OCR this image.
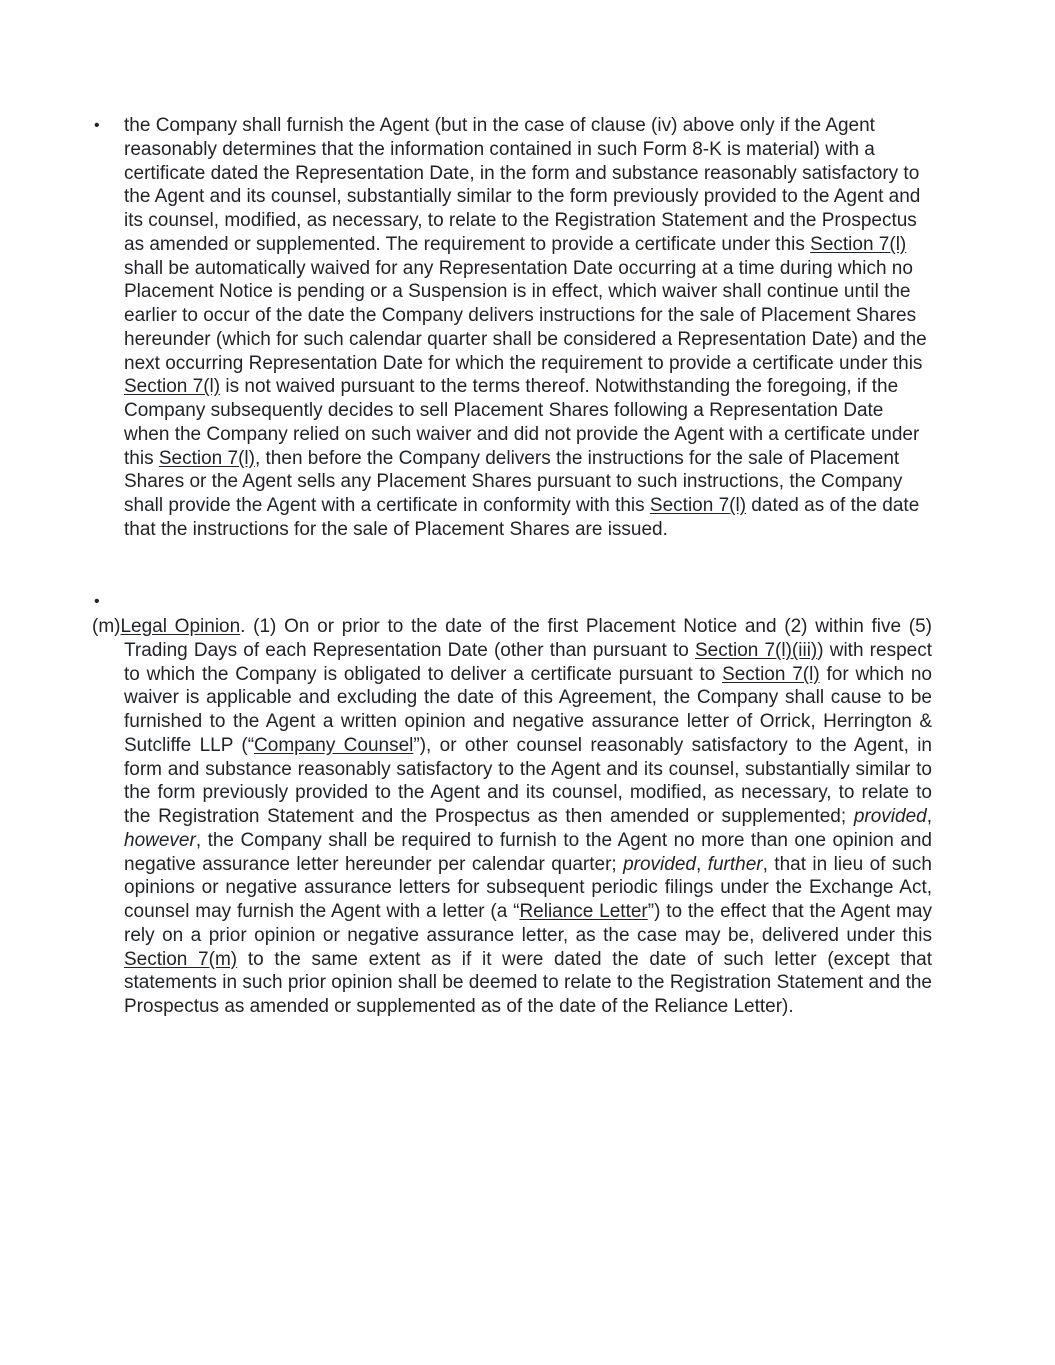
• the Company shall furnish the Agent (but in the case of clause (iv) above only if the Agent reasonably determines that the information contained in such Form 8-K is material) with a certificate dated the Representation Date, in the form and substance reasonably satisfactory to the Agent and its counsel, substantially similar to the form previously provided to the Agent and its counsel, modified, as necessary, to relate to the Registration Statement and the Prospectus as amended or supplemented. The requirement to provide a certificate under this Section 7(l) shall be automatically waived for any Representation Date occurring at a time during which no Placement Notice is pending or a Suspension is in effect, which waiver shall continue until the earlier to occur of the date the Company delivers instructions for the sale of Placement Shares hereunder (which for such calendar quarter shall be considered a Representation Date) and the next occurring Representation Date for which the requirement to provide a certificate under this Section 7(l) is not waived pursuant to the terms thereof. Notwithstanding the foregoing, if the Company subsequently decides to sell Placement Shares following a Representation Date when the Company relied on such waiver and did not provide the Agent with a certificate under this Section 7(l), then before the Company delivers the instructions for the sale of Placement Shares or the Agent sells any Placement Shares pursuant to such instructions, the Company shall provide the Agent with a certificate in conformity with this Section 7(l) dated as of the date that the instructions for the sale of Placement Shares are issued.

•

(m)Legal Opinion. (1) On or prior to the date of the first Placement Notice and (2) within five (5) Trading Days of each Representation Date (other than pursuant to Section 7(l)(iii)) with respect to which the Company is obligated to deliver a certificate pursuant to Section 7(l) for which no waiver is applicable and excluding the date of this Agreement, the Company shall cause to be furnished to the Agent a written opinion and negative assurance letter of Orrick, Herrington & Sutcliffe LLP (“Company Counsel”), or other counsel reasonably satisfactory to the Agent, in form and substance reasonably satisfactory to the Agent and its counsel, substantially similar to the form previously provided to the Agent and its counsel, modified, as necessary, to relate to the Registration Statement and the Prospectus as then amended or supplemented; provided, however, the Company shall be required to furnish to the Agent no more than one opinion and negative assurance letter hereunder per calendar quarter; provided, further, that in lieu of such opinions or negative assurance letters for subsequent periodic filings under the Exchange Act, counsel may furnish the Agent with a letter (a “Reliance Letter”) to the effect that the Agent may rely on a prior opinion or negative assurance letter, as the case may be, delivered under this Section 7(m) to the same extent as if it were dated the date of such letter (except that statements in such prior opinion shall be deemed to relate to the Registration Statement and the Prospectus as amended or supplemented as of the date of the Reliance Letter).
